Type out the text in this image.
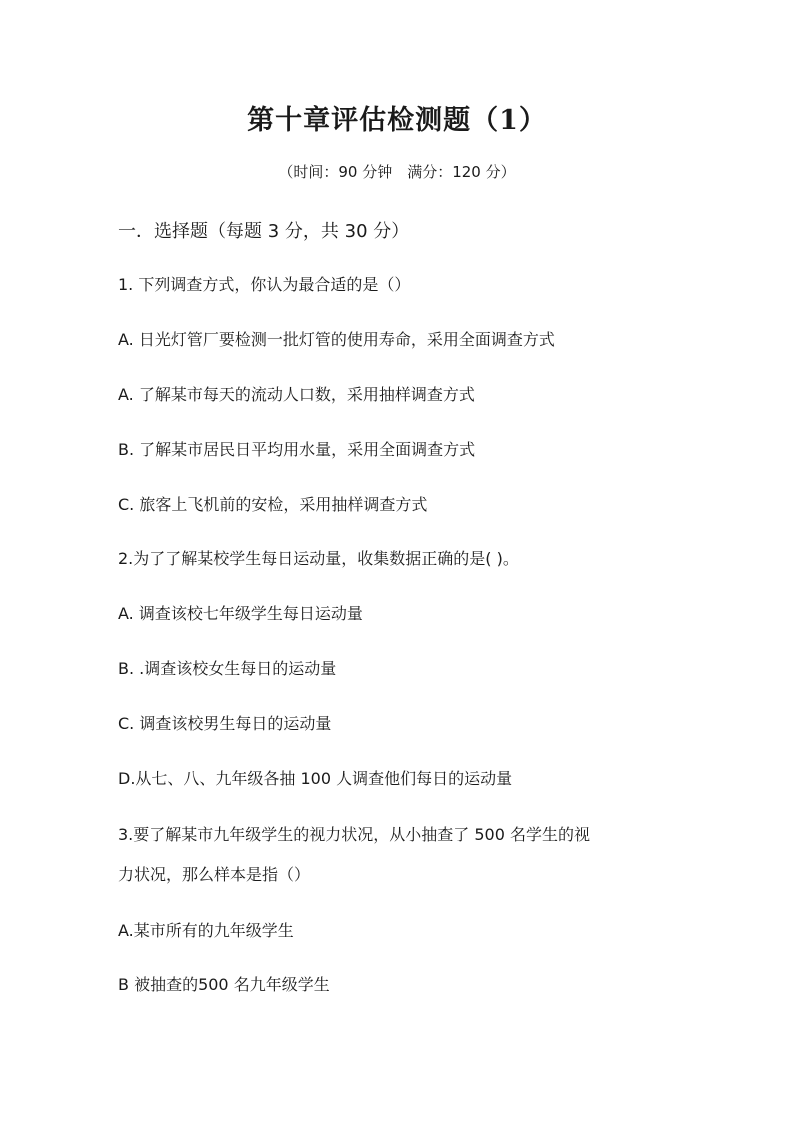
第十章评估检测题（1）
（时间：90 分钟　满分：120 分）
一．选择题（每题 3 分，共 30 分）
1. 下列调查方式，你认为最合适的是（）
A. 日光灯管厂要检测一批灯管的使用寿命，采用全面调查方式
A. 了解某市每天的流动人口数，采用抽样调查方式
B. 了解某市居民日平均用水量，采用全面调查方式
C. 旅客上飞机前的安检，采用抽样调查方式
2.为了了解某校学生每日运动量，收集数据正确的是( )。
A. 调查该校七年级学生每日运动量
B. .调查该校女生每日的运动量
C. 调查该校男生每日的运动量
D.从七、八、九年级各抽 100 人调查他们每日的运动量
3.要了解某市九年级学生的视力状况，从小抽查了 500 名学生的视
力状况，那么样本是指（）
A.某市所有的九年级学生
B 被抽查的500 名九年级学生
